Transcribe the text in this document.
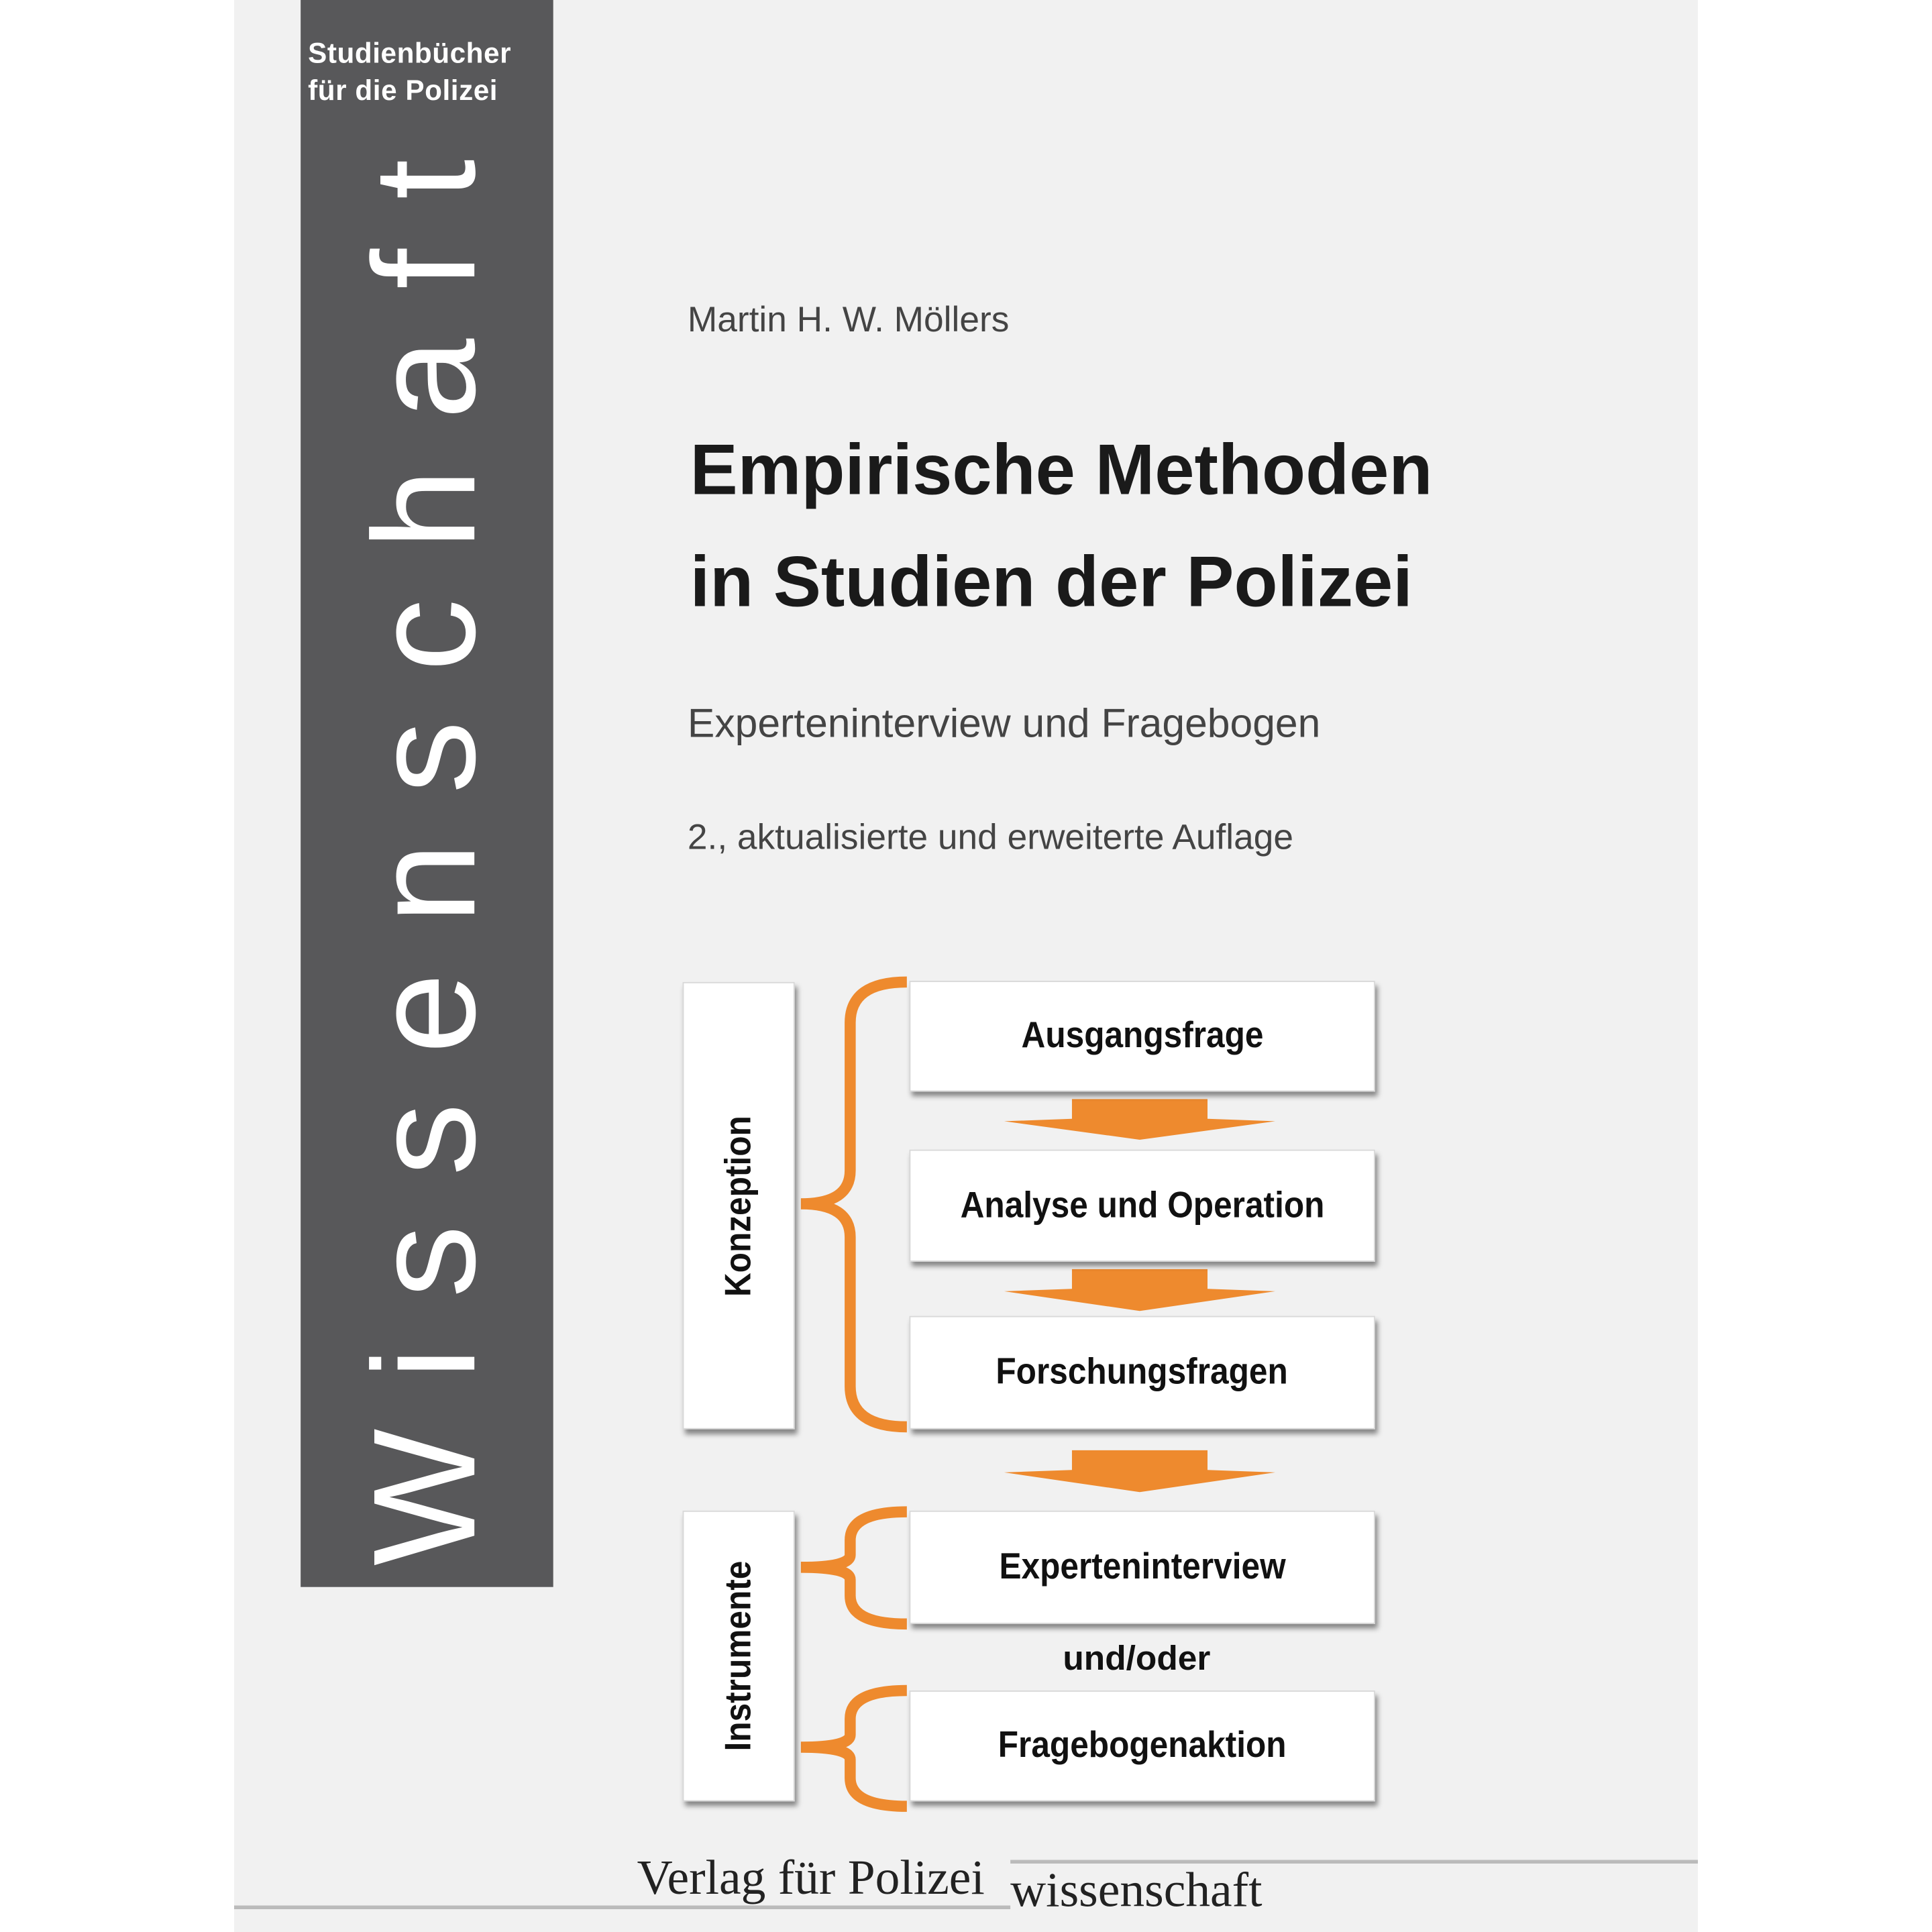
Studienbücher
für die Polizei
Wissenschaft	Martin H. W. Möllers
Empirische Methoden
in Studien der Polizei
Experteninterview und Fragebogen
2., aktualisierte und erweiterte Auflage
Konzeption
Instrumente
Ausgangsfrage
Analyse und Operation
Forschungsfragen
Experteninterview
und/oder
Fragebogenaktion
Verlag für Polizei wissenschaft
